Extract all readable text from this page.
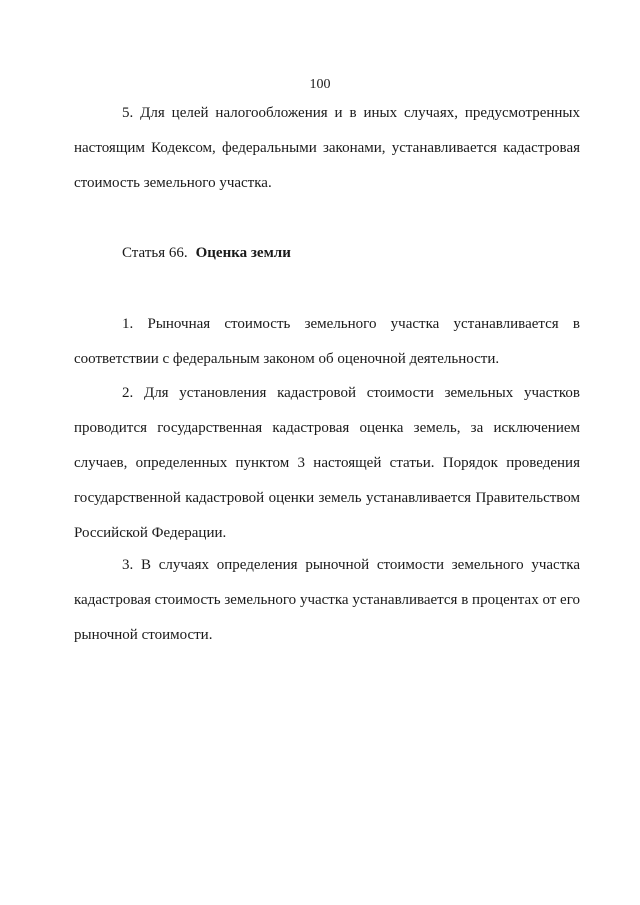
100
5. Для целей налогообложения и в иных случаях, предусмотренных
настоящим Кодексом, федеральными законами, устанавливается кадастровая
стоимость земельного участка.
Статья 66. Оценка земли
1. Рыночная стоимость земельного участка устанавливается в
соответствии с федеральным законом об оценочной деятельности.
2. Для установления кадастровой стоимости земельных участков
проводится государственная кадастровая оценка земель, за исключением
случаев, определенных пунктом 3 настоящей статьи. Порядок проведения
государственной кадастровой оценки земель устанавливается Правительством
Российской Федерации.
3. В случаях определения рыночной стоимости земельного участка
кадастровая стоимость земельного участка устанавливается в процентах от его
рыночной стоимости.
